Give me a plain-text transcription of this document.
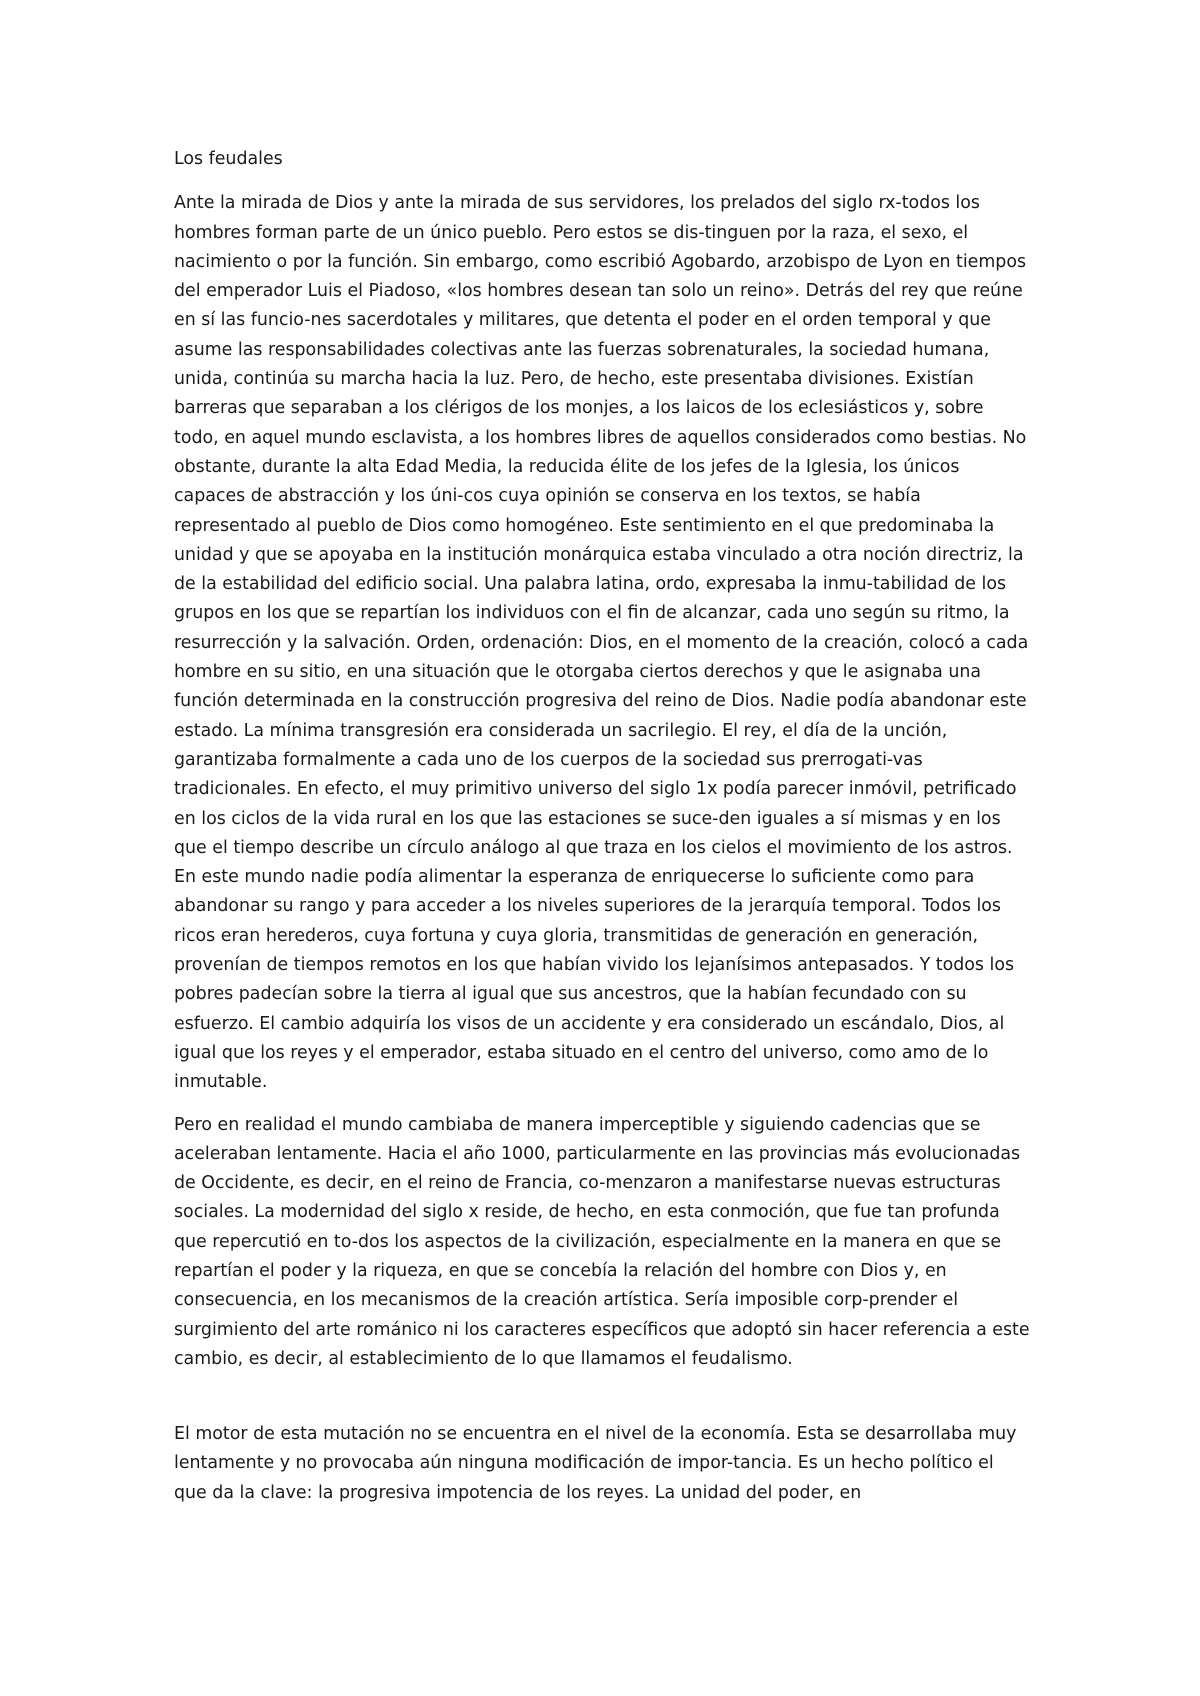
Los feudales

Ante la mirada de Dios y ante la mirada de sus servidores, los prelados del siglo rx-todos los hombres forman parte de un único pueblo. Pero estos se dis-tinguen por la raza, el sexo, el nacimiento o por la función. Sin embargo, como escribió Agobardo, arzobispo de Lyon en tiempos del emperador Luis el Piadoso, «los hombres desean tan solo un reino». Detrás del rey que reúne en sí las funcio-nes sacerdotales y militares, que detenta el poder en el orden temporal y que asume las responsabilidades colectivas ante las fuerzas sobrenaturales, la sociedad humana, unida, continúa su marcha hacia la luz. Pero, de hecho, este presentaba divisiones. Existían barreras que separaban a los clérigos de los monjes, a los laicos de los eclesiásticos y, sobre todo, en aquel mundo esclavista, a los hombres libres de aquellos considerados como bestias. No obstante, durante la alta Edad Media, la reducida élite de los jefes de la Iglesia, los únicos capaces de abstracción y los úni-cos cuya opinión se conserva en los textos, se había representado al pueblo de Dios como homogéneo. Este sentimiento en el que predominaba la unidad y que se apoyaba en la institución monárquica estaba vinculado a otra noción directriz, la de la estabilidad del edificio social. Una palabra latina, ordo, expresaba la inmu-tabilidad de los grupos en los que se repartían los individuos con el fin de alcanzar, cada uno según su ritmo, la resurrección y la salvación. Orden, ordenación: Dios, en el momento de la creación, colocó a cada hombre en su sitio, en una situación que le otorgaba ciertos derechos y que le asignaba una función determinada en la construcción progresiva del reino de Dios. Nadie podía abandonar este estado. La mínima transgresión era considerada un sacrilegio. El rey, el día de la unción, garantizaba formalmente a cada uno de los cuerpos de la sociedad sus prerrogati-vas tradicionales. En efecto, el muy primitivo universo del siglo 1x podía parecer inmóvil, petrificado en los ciclos de la vida rural en los que las estaciones se suce-den iguales a sí mismas y en los que el tiempo describe un círculo análogo al que traza en los cielos el movimiento de los astros. En este mundo nadie podía alimentar la esperanza de enriquecerse lo suficiente como para abandonar su rango y para acceder a los niveles superiores de la jerarquía temporal. Todos los ricos eran herederos, cuya fortuna y cuya gloria, transmitidas de generación en generación, provenían de tiempos remotos en los que habían vivido los lejanísimos antepasados. Y todos los pobres padecían sobre la tierra al igual que sus ancestros, que la habían fecundado con su esfuerzo. El cambio adquiría los visos de un accidente y era considerado un escándalo, Dios, al igual que los reyes y el emperador, estaba situado en el centro del universo, como amo de lo inmutable.

Pero en realidad el mundo cambiaba de manera imperceptible y siguiendo cadencias que se aceleraban lentamente. Hacia el año 1000, particularmente en las provincias más evolucionadas de Occidente, es decir, en el reino de Francia, co-menzaron a manifestarse nuevas estructuras sociales. La modernidad del siglo x reside, de hecho, en esta conmoción, que fue tan profunda que repercutió en to-dos los aspectos de la civilización, especialmente en la manera en que se repartían el poder y la riqueza, en que se concebía la relación del hombre con Dios y, en consecuencia, en los mecanismos de la creación artística. Sería imposible corp-prender el surgimiento del arte románico ni los caracteres específicos que adoptó sin hacer referencia a este cambio, es decir, al establecimiento de lo que llamamos el feudalismo.

El motor de esta mutación no se encuentra en el nivel de la economía. Esta se desarrollaba muy lentamente y no provocaba aún ninguna modificación de impor-tancia. Es un hecho político el que da la clave: la progresiva impotencia de los reyes. La unidad del poder, en
